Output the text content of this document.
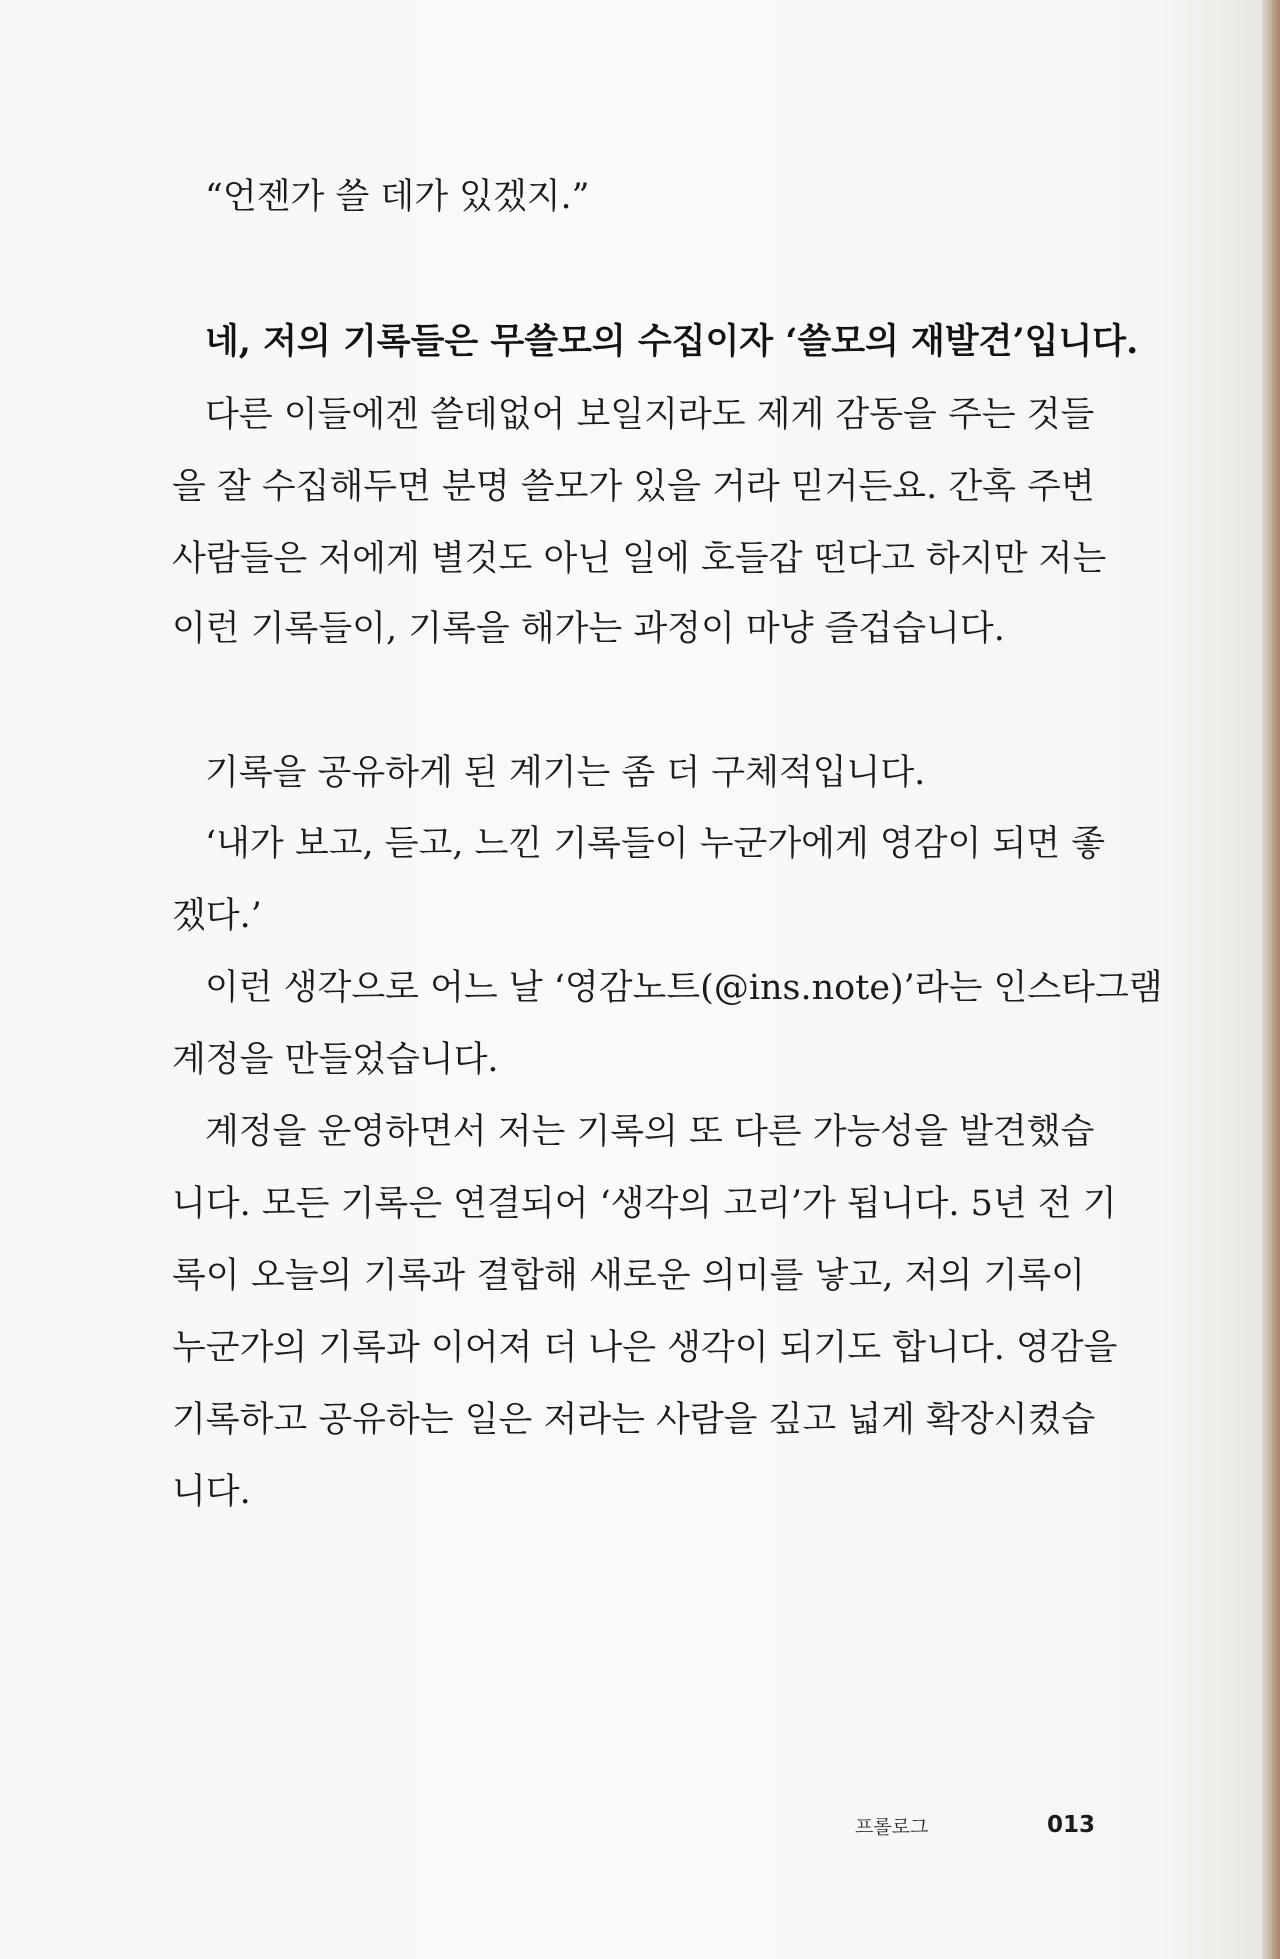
“언젠가 쓸 데가 있겠지.”
네, 저의 기록들은 무쓸모의 수집이자 ‘쓸모의 재발견’입니다.
다른 이들에겐 쓸데없어 보일지라도 제게 감동을 주는 것들
을 잘 수집해두면 분명 쓸모가 있을 거라 믿거든요. 간혹 주변
사람들은 저에게 별것도 아닌 일에 호들갑 떤다고 하지만 저는
이런 기록들이, 기록을 해가는 과정이 마냥 즐겁습니다.
기록을 공유하게 된 계기는 좀 더 구체적입니다.
‘내가 보고, 듣고, 느낀 기록들이 누군가에게 영감이 되면 좋
겠다.’
이런 생각으로 어느 날 ‘영감노트(@ins.note)’라는 인스타그램
계정을 만들었습니다.
계정을 운영하면서 저는 기록의 또 다른 가능성을 발견했습
니다. 모든 기록은 연결되어 ‘생각의 고리’가 됩니다. 5년 전 기
록이 오늘의 기록과 결합해 새로운 의미를 낳고, 저의 기록이
누군가의 기록과 이어져 더 나은 생각이 되기도 합니다. 영감을
기록하고 공유하는 일은 저라는 사람을 깊고 넓게 확장시켰습
니다.
프롤로그	013
